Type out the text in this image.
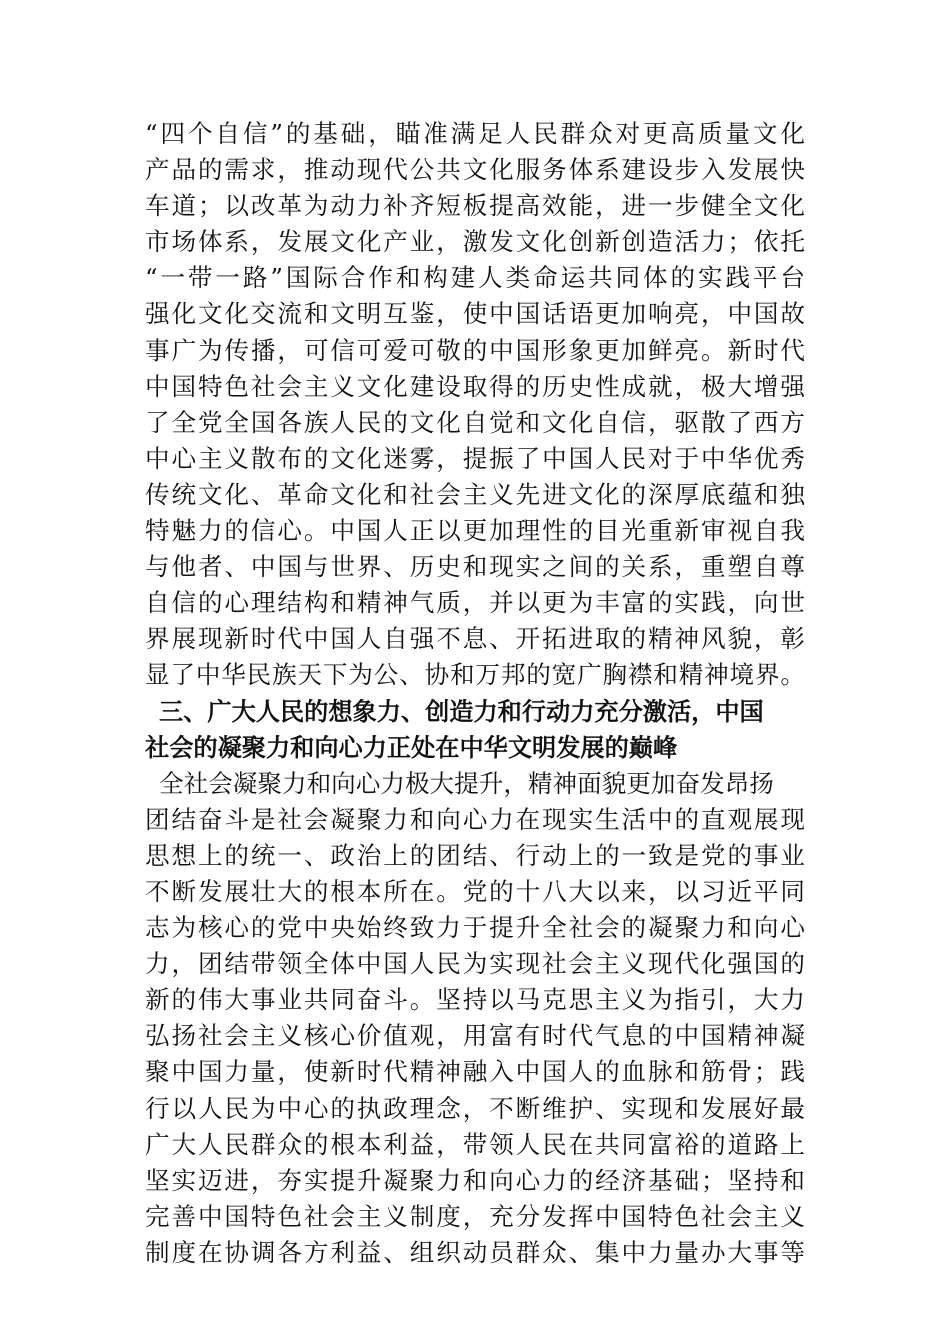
“四个自信”的基础，瞄准满足人民群众对更高质量文化
产品的需求，推动现代公共文化服务体系建设步入发展快
车道；以改革为动力补齐短板提高效能，进一步健全文化
市场体系，发展文化产业，激发文化创新创造活力；依托
“一带一路”国际合作和构建人类命运共同体的实践平台
强化文化交流和文明互鉴，使中国话语更加响亮，中国故
事广为传播，可信可爱可敬的中国形象更加鲜亮。新时代
中国特色社会主义文化建设取得的历史性成就，极大增强
了全党全国各族人民的文化自觉和文化自信，驱散了西方
中心主义散布的文化迷雾，提振了中国人民对于中华优秀
传统文化、革命文化和社会主义先进文化的深厚底蕴和独
特魅力的信心。中国人正以更加理性的目光重新审视自我
与他者、中国与世界、历史和现实之间的关系，重塑自尊
自信的心理结构和精神气质，并以更为丰富的实践，向世
界展现新时代中国人自强不息、开拓进取的精神风貌，彰
显了中华民族天下为公、协和万邦的宽广胸襟和精神境界。
三、广大人民的想象力、创造力和行动力充分激活，中国
社会的凝聚力和向心力正处在中华文明发展的巅峰
全社会凝聚力和向心力极大提升，精神面貌更加奋发昂扬
团结奋斗是社会凝聚力和向心力在现实生活中的直观展现
思想上的统一、政治上的团结、行动上的一致是党的事业
不断发展壮大的根本所在。党的十八大以来，以习近平同
志为核心的党中央始终致力于提升全社会的凝聚力和向心
力，团结带领全体中国人民为实现社会主义现代化强国的
新的伟大事业共同奋斗。坚持以马克思主义为指引，大力
弘扬社会主义核心价值观，用富有时代气息的中国精神凝
聚中国力量，使新时代精神融入中国人的血脉和筋骨；践
行以人民为中心的执政理念，不断维护、实现和发展好最
广大人民群众的根本利益，带领人民在共同富裕的道路上
坚实迈进，夯实提升凝聚力和向心力的经济基础；坚持和
完善中国特色社会主义制度，充分发挥中国特色社会主义
制度在协调各方利益、组织动员群众、集中力量办大事等
